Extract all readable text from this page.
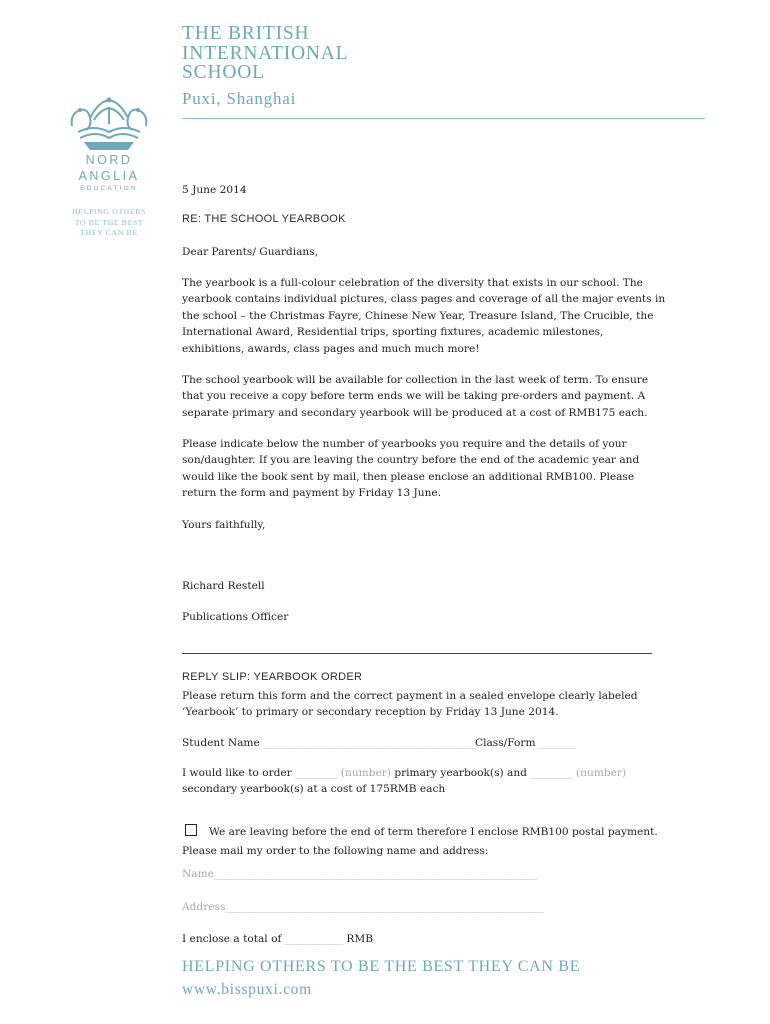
THE BRITISH
INTERNATIONAL
SCHOOL
Puxi, Shanghai
NORD
ANGLIA
EDUCATION
HELPING OTHERS
TO BE THE BEST
THEY CAN BE
5 June 2014
RE: THE SCHOOL YEARBOOK
Dear Parents/ Guardians,
The yearbook is a full-colour celebration of the diversity that exists in our school. The
yearbook contains individual pictures, class pages and coverage of all the major events in
the school – the Christmas Fayre, Chinese New Year, Treasure Island, The Crucible, the
International Award, Residential trips, sporting fixtures, academic milestones,
exhibitions, awards, class pages and much much more!
The school yearbook will be available for collection in the last week of term. To ensure
that you receive a copy before term ends we will be taking pre-orders and payment. A
separate primary and secondary yearbook will be produced at a cost of RMB175 each.
Please indicate below the number of yearbooks you require and the details of your
son/daughter. If you are leaving the country before the end of the academic year and
would like the book sent by mail, then please enclose an additional RMB100. Please
return the form and payment by Friday 13 June.
Yours faithfully,
Richard Restell
Publications Officer
REPLY SLIP: YEARBOOK ORDER
Please return this form and the correct payment in a sealed envelope clearly labeled
‘Yearbook’ to primary or secondary reception by Friday 13 June 2014.
Student Name ________________________________________Class/Form _______
I would like to order ________ (number) primary yearbook(s) and ________ (number)
secondary yearbook(s) at a cost of 175RMB each
We are leaving before the end of term therefore I enclose RMB100 postal payment.
Please mail my order to the following name and address:
Name_____________________________________________________________
Address____________________________________________________________
I enclose a total of ___________ RMB
HELPING OTHERS TO BE THE BEST THEY CAN BE
www.bisspuxi.com
